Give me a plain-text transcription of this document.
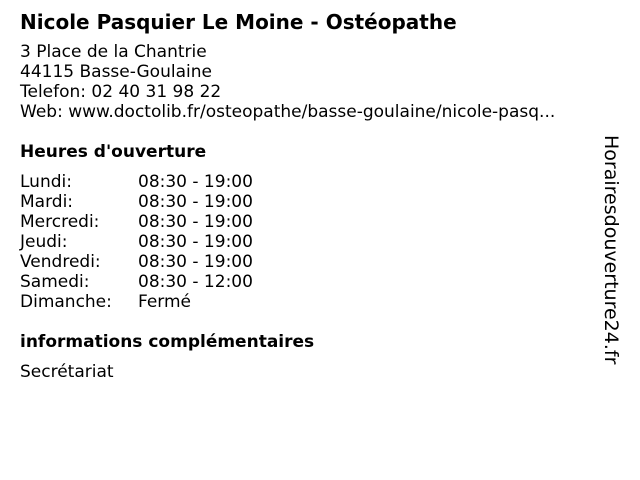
Nicole Pasquier Le Moine - Ostéopathe
3 Place de la Chantrie
44115 Basse-Goulaine
Telefon: 02 40 31 98 22
Web: www.doctolib.fr/osteopathe/basse-goulaine/nicole-pasq...
Heures d'ouverture
Lundi:	08:30 - 19:00
Mardi:	08:30 - 19:00
Mercredi:	08:30 - 19:00
Jeudi:	08:30 - 19:00
Vendredi:	08:30 - 19:00
Samedi:	08:30 - 12:00
Dimanche:	Fermé
informations complémentaires
Secrétariat
Horairesdouverture24.fr
